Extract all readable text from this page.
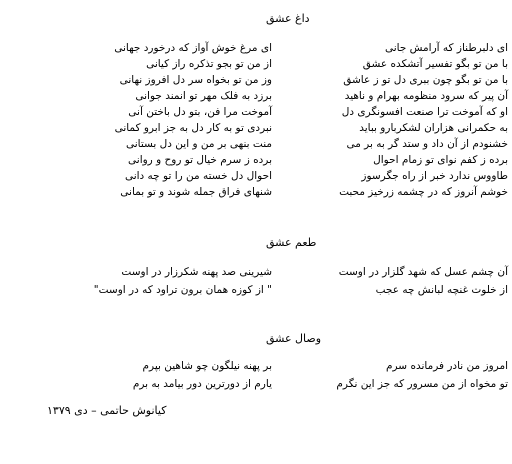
داغ عشق
ای دلبرطناز که آرامش جانی
ای مرغ خوش آواز که درخورد جهانی
با من تو بگو تفسیر آتشکده عشق
از من تو بجو تذکره راز کیانی
با من تو بگو چون ببری دل تو ز عاشق
وز من تو بخواه سر دل افروز نهانی
آن پیر که سرود منظومه بهرام و ناهید
برزد به فلک مهر تو انمند جوانی
او که آموخت ترا صنعت افسونگری دل
آموخت مرا فن، بتو دل باختن آنی
به حکمرانی هزاران لشکربارو بباید
نبردی تو به کار دل به جز ابرو کمانی
خشنودم از آن داد و ستد گر به بر می
منت بنهی بر من و این دل بستانی
برده ز کفم نوای تو زمام احوال
برده ز سرم خیال تو روح و روانی
طاووس ندارد خبر از راه جگرسوز
احوال دل خسته من را تو چه دانی
خوشم آنروز که در چشمه زرخیز محبت
شنهای فراق جمله شوند و تو بمانی
طعم عشق
آن چشم عسل که شهد گلزار در اوست
شیرینی صد پهنه شکرزار در اوست
از خلوت غنچه لبانش چه عجب
" از کوزه همان برون تراود که در اوست"
وصال عشق
امروز من نادر فرمانده سرم
بر پهنه نیلگون چو شاهین بپرم
تو مخواه از من مسرور که جز این نگرم
یارم از دورترین دور بیامد به برم
کیانوش حاتمی – دی ۱۳۷۹
